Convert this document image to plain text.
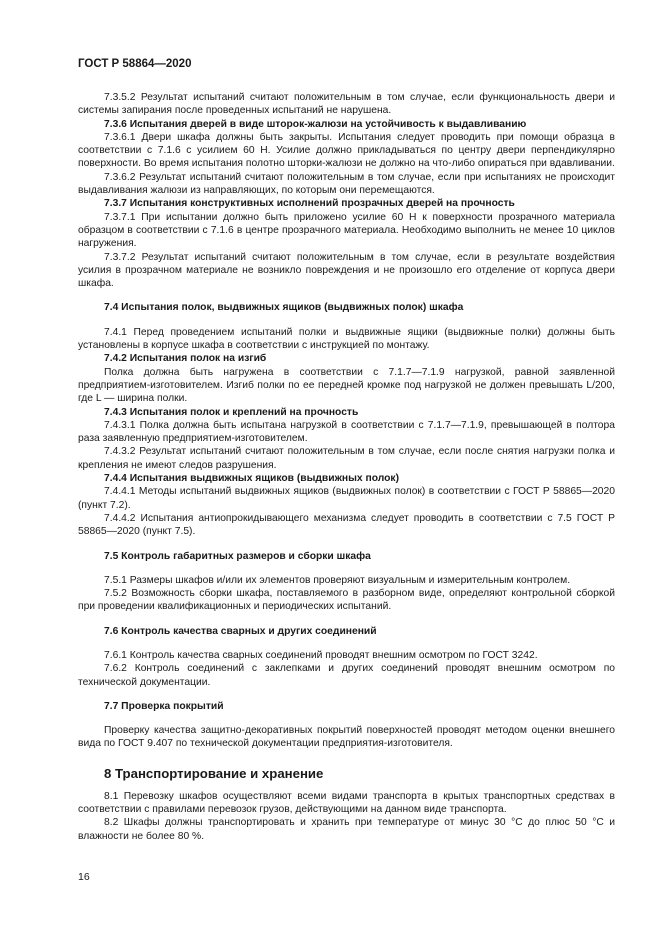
ГОСТ Р 58864—2020

7.3.5.2 Результат испытаний считают положительным в том случае, если функциональность двери и системы запирания после проведенных испытаний не нарушена.

7.3.6 Испытания дверей в виде шторок-жалюзи на устойчивость к выдавливанию

7.3.6.1 Двери шкафа должны быть закрыты. Испытания следует проводить при помощи образца в соответствии с 7.1.6 с усилием 60 Н. Усилие должно прикладываться по центру двери перпендикулярно поверхности. Во время испытания полотно шторки-жалюзи не должно на что-либо опираться при вдавливании.

7.3.6.2 Результат испытаний считают положительным в том случае, если при испытаниях не происходит выдавливания жалюзи из направляющих, по которым они перемещаются.

7.3.7 Испытания конструктивных исполнений прозрачных дверей на прочность

7.3.7.1 При испытании должно быть приложено усилие 60 Н к поверхности прозрачного материала образцом в соответствии с 7.1.6 в центре прозрачного материала. Необходимо выполнить не менее 10 циклов нагружения.

7.3.7.2 Результат испытаний считают положительным в том случае, если в результате воздействия усилия в прозрачном материале не возникло повреждения и не произошло его отделение от корпуса двери шкафа.

7.4 Испытания полок, выдвижных ящиков (выдвижных полок) шкафа

7.4.1 Перед проведением испытаний полки и выдвижные ящики (выдвижные полки) должны быть установлены в корпусе шкафа в соответствии с инструкцией по монтажу.

7.4.2 Испытания полок на изгиб

Полка должна быть нагружена в соответствии с 7.1.7—7.1.9 нагрузкой, равной заявленной предприятием-изготовителем. Изгиб полки по ее передней кромке под нагрузкой не должен превышать L/200, где L — ширина полки.

7.4.3 Испытания полок и креплений на прочность

7.4.3.1 Полка должна быть испытана нагрузкой в соответствии с 7.1.7—7.1.9, превышающей в полтора раза заявленную предприятием-изготовителем.

7.4.3.2 Результат испытаний считают положительным в том случае, если после снятия нагрузки полка и крепления не имеют следов разрушения.

7.4.4 Испытания выдвижных ящиков (выдвижных полок)

7.4.4.1 Методы испытаний выдвижных ящиков (выдвижных полок) в соответствии с ГОСТ Р 58865—2020 (пункт 7.2).

7.4.4.2 Испытания антиопрокидывающего механизма следует проводить в соответствии с 7.5 ГОСТ Р 58865—2020 (пункт 7.5).

7.5 Контроль габаритных размеров и сборки шкафа

7.5.1 Размеры шкафов и/или их элементов проверяют визуальным и измерительным контролем.

7.5.2 Возможность сборки шкафа, поставляемого в разборном виде, определяют контрольной сборкой при проведении квалификационных и периодических испытаний.

7.6 Контроль качества сварных и других соединений

7.6.1 Контроль качества сварных соединений проводят внешним осмотром по ГОСТ 3242.

7.6.2 Контроль соединений с заклепками и других соединений проводят внешним осмотром по технической документации.

7.7 Проверка покрытий

Проверку качества защитно-декоративных покрытий поверхностей проводят методом оценки внешнего вида по ГОСТ 9.407 по технической документации предприятия-изготовителя.

8 Транспортирование и хранение

8.1 Перевозку шкафов осуществляют всеми видами транспорта в крытых транспортных средствах в соответствии с правилами перевозок грузов, действующими на данном виде транспорта.

8.2 Шкафы должны транспортировать и хранить при температуре от минус 30 °С до плюс 50 °С и влажности не более 80 %.

16
